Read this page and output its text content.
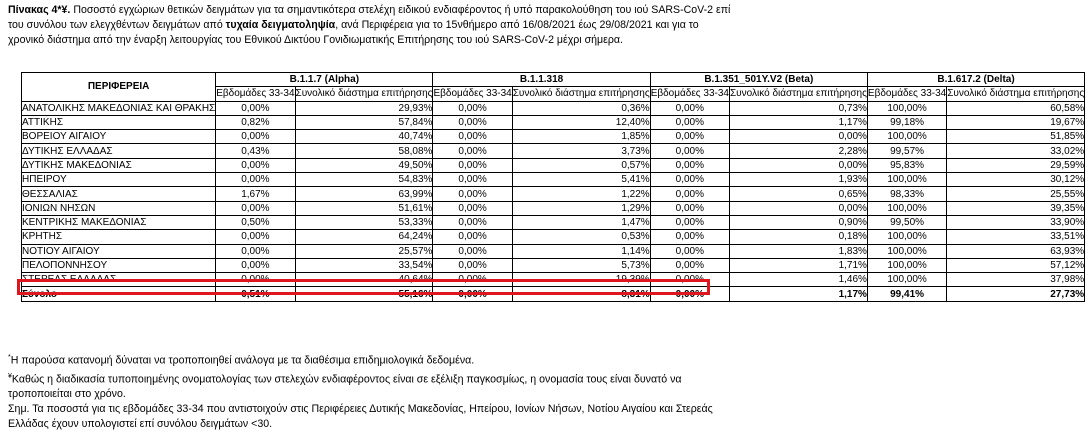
Πίνακας 4*¥. Ποσοστό εγχώριων θετικών δειγμάτων για τα σημαντικότερα στελέχη ειδικού ενδιαφέροντος ή υπό παρακολούθηση του ιού SARS-CoV-2 επί του συνόλου των ελεγχθέντων δειγμάτων από τυχαία δειγματοληψία, ανά Περιφέρεια για το 15νθήμερο από 16/08/2021 έως 29/08/2021 και για το χρονικό διάστημα από την έναρξη λειτουργίας του Εθνικού Δικτύου Γονιδιωματικής Επιτήρησης του ιού SARS-CoV-2 μέχρι σήμερα.
ΠΕΡΙΦΕΡΕΙΑ	B.1.1.7 (Alpha)		B.1.1.318		B.1.351_501Y.V2 (Beta)		B.1.617.2 (Delta)	
	Εβδομάδες 33-34	Συνολικό διάστημα επιτήρησης	Εβδομάδες 33-34	Συνολικό διάστημα επιτήρησης	Εβδομάδες 33-34	Συνολικό διάστημα επιτήρησης	Εβδομάδες 33-34	Συνολικό διάστημα επιτήρησης
ΑΝΑΤΟΛΙΚΗΣ ΜΑΚΕΔΟΝΙΑΣ ΚΑΙ ΘΡΑΚΗΣ	0,00%	29,93%	0,00%	0,36%	0,00%	0,73%	100,00%	60,58%
ΑΤΤΙΚΗΣ	0,82%	57,84%	0,00%	12,40%	0,00%	1,17%	99,18%	19,67%
ΒΟΡΕΙΟΥ ΑΙΓΑΙΟΥ	0,00%	40,74%	0,00%	1,85%	0,00%	0,00%	100,00%	51,85%
ΔΥΤΙΚΗΣ ΕΛΛΑΔΑΣ	0,43%	58,08%	0,00%	3,73%	0,00%	2,28%	99,57%	33,02%
ΔΥΤΙΚΗΣ ΜΑΚΕΔΟΝΙΑΣ	0,00%	49,50%	0,00%	0,57%	0,00%	0,00%	95,83%	29,59%
ΗΠΕΙΡΟΥ	0,00%	54,83%	0,00%	5,41%	0,00%	1,93%	100,00%	30,12%
ΘΕΣΣΑΛΙΑΣ	1,67%	63,99%	0,00%	1,22%	0,00%	0,65%	98,33%	25,55%
ΙΟΝΙΩΝ ΝΗΣΩΝ	0,00%	51,61%	0,00%	1,29%	0,00%	0,00%	100,00%	39,35%
ΚΕΝΤΡΙΚΗΣ ΜΑΚΕΔΟΝΙΑΣ	0,50%	53,33%	0,00%	1,47%	0,00%	0,90%	99,50%	33,90%
ΚΡΗΤΗΣ	0,00%	64,24%	0,00%	0,53%	0,00%	0,18%	100,00%	33,51%
ΝΟΤΙΟΥ ΑΙΓΑΙΟΥ	0,00%	25,57%	0,00%	1,14%	0,00%	1,83%	100,00%	63,93%
ΠΕΛΟΠΟΝΝΗΣΟΥ	0,00%	33,54%	0,00%	5,73%	0,00%	1,71%	100,00%	57,12%
ΣΤΕΡΕΑΣ ΕΛΛΑΔΑΣ	0,00%	40,64%	0,00%	19,39%	0,00%	1,46%	100,00%	37,98%
Σύνολο	0,51%	55,16%	0,00%	8,31%	0,00%	1,17%	99,41%	27,73%

*Η παρούσα κατανομή δύναται να τροποποιηθεί ανάλογα με τα διαθέσιμα επιδημιολογικά δεδομένα.

¥Καθώς η διαδικασία τυποποιημένης ονοματολογίας των στελεχών ενδιαφέροντος είναι σε εξέλιξη παγκοσμίως, η ονομασία τους είναι δυνατό να τροποποιείται στο χρόνο.

Σημ. Τα ποσοστά για τις εβδομάδες 33-34 που αντιστοιχούν στις Περιφέρειες Δυτικής Μακεδονίας, Ηπείρου, Ιονίων Νήσων, Νοτίου Αιγαίου και Στερεάς Ελλάδας έχουν υπολογιστεί επί συνόλου δειγμάτων <30.
